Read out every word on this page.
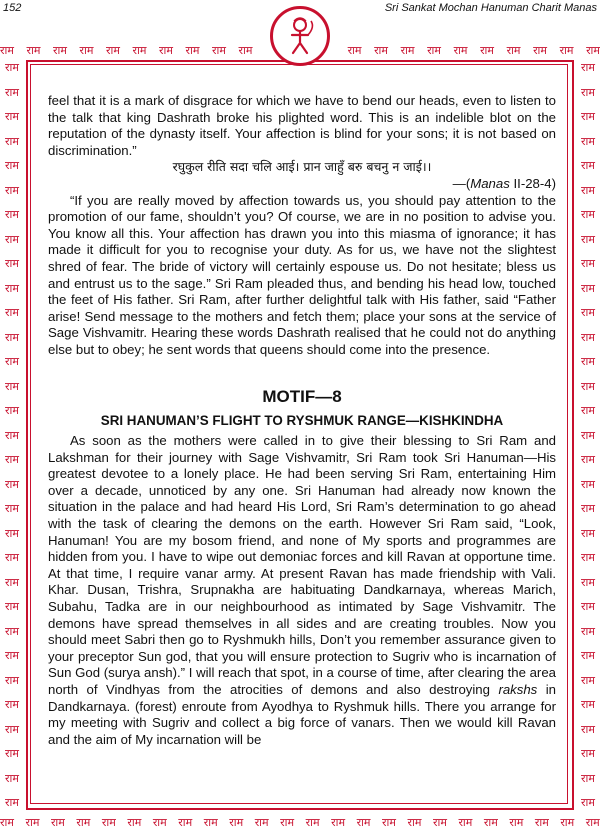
152	Sri Sankat Mochan Hanuman Charit Manas
राम राम राम राम राम राम राम राम राम राम	राम राम राम राम राम राम राम राम राम राम
राम राम राम राम राम राम राम राम राम राम राम राम राम राम राम राम राम राम राम राम राम राम राम राम
राम
राम
राम
राम
राम
राम
राम
राम
राम
राम
राम
राम
राम
राम
राम
राम
राम
राम
राम
राम
राम
राम
राम
राम
राम
राम
राम
राम
राम
राम
राम
राम
राम
राम
राम
राम
राम
राम
राम
राम
राम
राम
राम
राम
राम
राम
राम
राम
राम
राम
राम
राम
राम
राम
राम
राम
राम
राम
राम
राम
राम
राम

feel that it is a mark of disgrace for which we have to bend our heads, even to listen to the talk that king Dashrath broke his plighted word. This is an indelible blot on the reputation of the dynasty itself. Your affection is blind for your sons; it is not based on discrimination.”

रघुकुल रीति सदा चलि आई। प्रान जाहुँ बरु बचनु न जाई।।

—(Manas II-28-4)

“If you are really moved by affection towards us, you should pay attention to the promotion of our fame, shouldn’t you? Of course, we are in no position to advise you. You know all this. Your affection has drawn you into this miasma of ignorance; it has made it difficult for you to recognise your duty. As for us, we have not the slightest shred of fear. The bride of victory will certainly espouse us. Do not hesitate; bless us and entrust us to the sage.” Sri Ram pleaded thus, and bending his head low, touched the feet of His father. Sri Ram, after further delightful talk with His father, said “Father arise! Send message to the mothers and fetch them; place your sons at the service of Sage Vishvamitr. Hearing these words Dashrath realised that he could not do anything else but to obey; he sent words that queens should come into the presence.

MOTIF—8
SRI HANUMAN’S FLIGHT TO RYSHMUK RANGE—KISHKINDHA

As soon as the mothers were called in to give their blessing to Sri Ram and Lakshman for their journey with Sage Vishvamitr, Sri Ram took Sri Hanuman—His greatest devotee to a lonely place. He had been serving Sri Ram, entertaining Him over a decade, unnoticed by any one. Sri Hanuman had already now known the situation in the palace and had heard His Lord, Sri Ram’s determination to go ahead with the task of clearing the demons on the earth. However Sri Ram said, “Look, Hanuman! You are my bosom friend, and none of My sports and programmes are hidden from you. I have to wipe out demoniac forces and kill Ravan at opportune time. At that time, I require vanar army. At present Ravan has made friendship with Vali. Khar. Dusan, Trishra, Srupnakha are habituating Dandkarnaya, whereas Marich, Subahu, Tadka are in our neighbourhood as intimated by Sage Vishvamitr. The demons have spread themselves in all sides and are creating troubles. Now you should meet Sabri then go to Ryshmukh hills, Don’t you remember assurance given to your preceptor Sun god, that you will ensure protection to Sugriv who is incarnation of Sun God (surya ansh).” I will reach that spot, in a course of time, after clearing the area north of Vindhyas from the atrocities of demons and also destroying rakshs in Dandkarnaya. (forest) enroute from Ayodhya to Ryshmuk hills. There you arrange for my meeting with Sugriv and collect a big force of vanars. Then we would kill Ravan and the aim of My incarnation will be
